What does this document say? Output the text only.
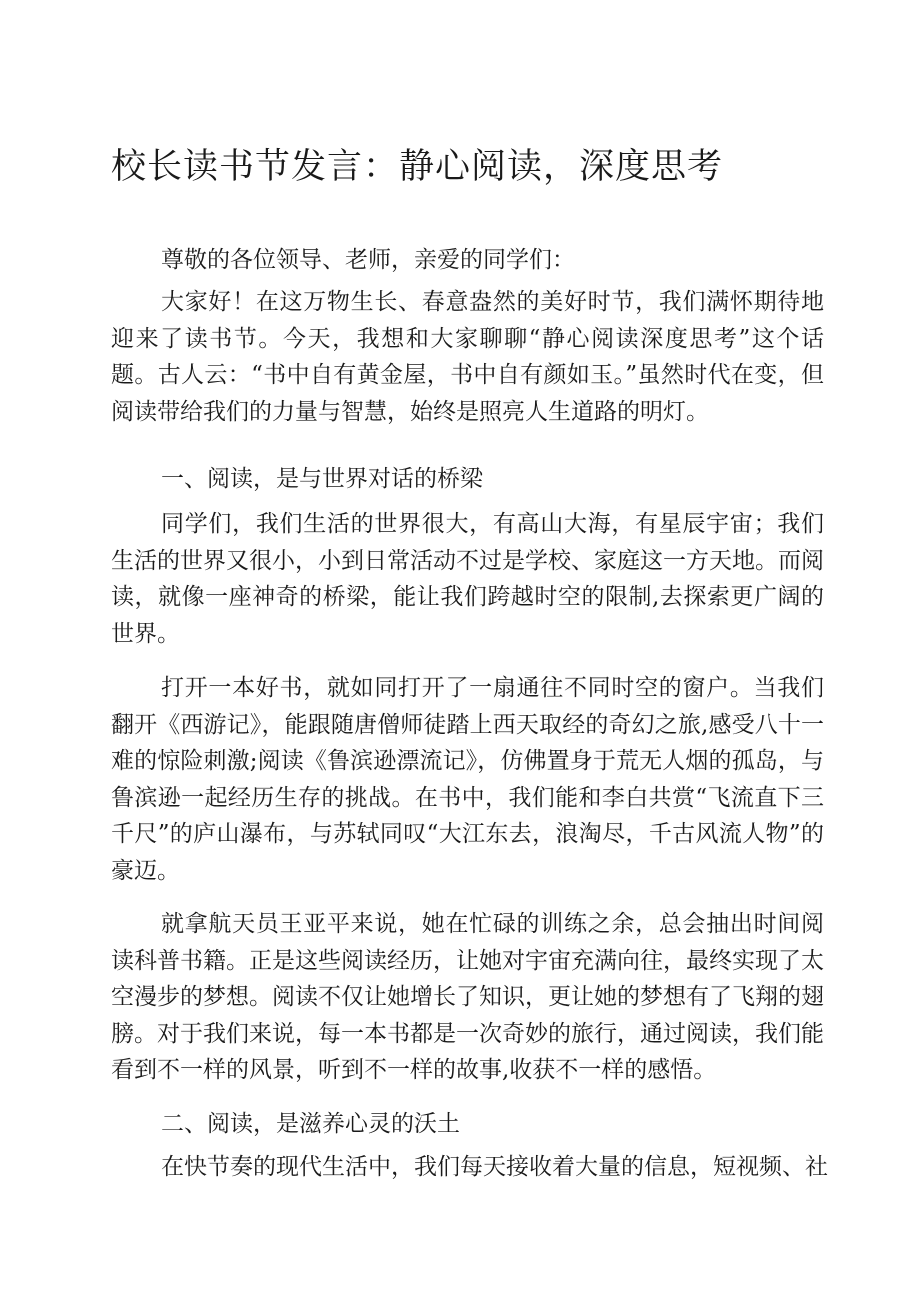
校长读书节发言：静心阅读，深度思考

尊敬的各位领导、老师，亲爱的同学们：

大家好！在这万物生长、春意盎然的美好时节，我们满怀期待地迎来了读书节。今天，我想和大家聊聊“静心阅读深度思考”这个话题。古人云：“书中自有黄金屋，书中自有颜如玉。”虽然时代在变，但阅读带给我们的力量与智慧，始终是照亮人生道路的明灯。

一、阅读，是与世界对话的桥梁

同学们，我们生活的世界很大，有高山大海，有星辰宇宙；我们生活的世界又很小，小到日常活动不过是学校、家庭这一方天地。而阅读，就像一座神奇的桥梁，能让我们跨越时空的限制,去探索更广阔的世界。

打开一本好书，就如同打开了一扇通往不同时空的窗户。当我们翻开《西游记》，能跟随唐僧师徒踏上西天取经的奇幻之旅,感受八十一难的惊险刺激;阅读《鲁滨逊漂流记》，仿佛置身于荒无人烟的孤岛，与鲁滨逊一起经历生存的挑战。在书中，我们能和李白共赏“飞流直下三千尺”的庐山瀑布，与苏轼同叹“大江东去，浪淘尽，千古风流人物”的豪迈。

就拿航天员王亚平来说，她在忙碌的训练之余，总会抽出时间阅读科普书籍。正是这些阅读经历，让她对宇宙充满向往，最终实现了太空漫步的梦想。阅读不仅让她增长了知识，更让她的梦想有了飞翔的翅膀。对于我们来说，每一本书都是一次奇妙的旅行，通过阅读，我们能看到不一样的风景，听到不一样的故事,收获不一样的感悟。

二、阅读，是滋养心灵的沃土

在快节奏的现代生活中，我们每天接收着大量的信息，短视频、社
